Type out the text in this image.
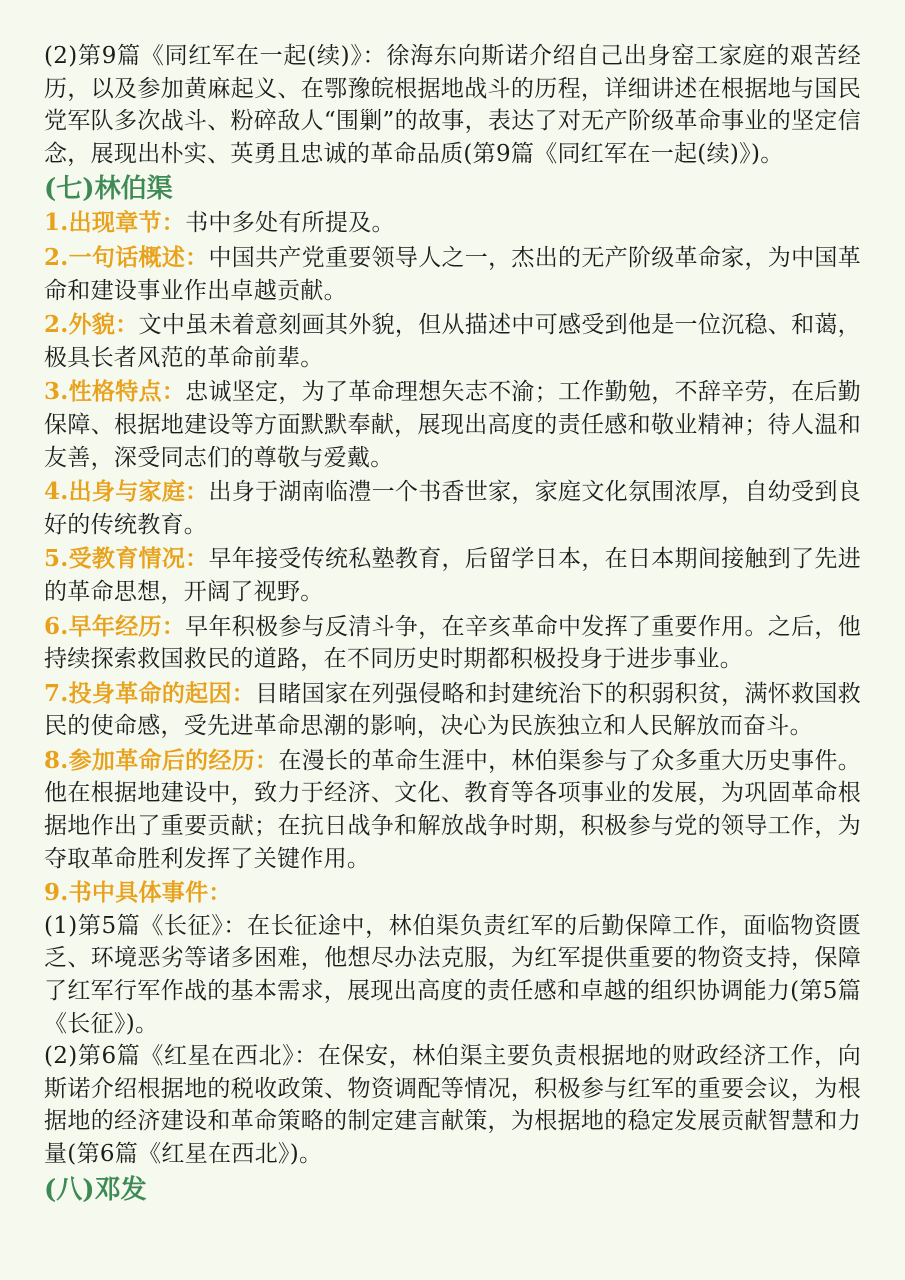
(2)第9篇《同红军在一起(续)》：徐海东向斯诺介绍自己出身窑工家庭的艰苦经历，以及参加黄麻起义、在鄂豫皖根据地战斗的历程，详细讲述在根据地与国民党军队多次战斗、粉碎敌人“围剿”的故事，表达了对无产阶级革命事业的坚定信念，展现出朴实、英勇且忠诚的革命品质(第9篇《同红军在一起(续)》)。

(七)林伯渠

1.出现章节：书中多处有所提及。

2.一句话概述：中国共产党重要领导人之一，杰出的无产阶级革命家，为中国革命和建设事业作出卓越贡献。

2.外貌：文中虽未着意刻画其外貌，但从描述中可感受到他是一位沉稳、和蔼，极具长者风范的革命前辈。

3.性格特点：忠诚坚定，为了革命理想矢志不渝；工作勤勉，不辞辛劳，在后勤保障、根据地建设等方面默默奉献，展现出高度的责任感和敬业精神；待人温和友善，深受同志们的尊敬与爱戴。

4.出身与家庭：出身于湖南临澧一个书香世家，家庭文化氛围浓厚，自幼受到良好的传统教育。

5.受教育情况：早年接受传统私塾教育，后留学日本，在日本期间接触到了先进的革命思想，开阔了视野。

6.早年经历：早年积极参与反清斗争，在辛亥革命中发挥了重要作用。之后，他持续探索救国救民的道路，在不同历史时期都积极投身于进步事业。

7.投身革命的起因：目睹国家在列强侵略和封建统治下的积弱积贫，满怀救国救民的使命感，受先进革命思潮的影响，决心为民族独立和人民解放而奋斗。

8.参加革命后的经历：在漫长的革命生涯中，林伯渠参与了众多重大历史事件。他在根据地建设中，致力于经济、文化、教育等各项事业的发展，为巩固革命根据地作出了重要贡献；在抗日战争和解放战争时期，积极参与党的领导工作，为夺取革命胜利发挥了关键作用。

9.书中具体事件：

(1)第5篇《长征》：在长征途中，林伯渠负责红军的后勤保障工作，面临物资匮乏、环境恶劣等诸多困难，他想尽办法克服，为红军提供重要的物资支持，保障了红军行军作战的基本需求，展现出高度的责任感和卓越的组织协调能力(第5篇《长征》)。

(2)第6篇《红星在西北》：在保安，林伯渠主要负责根据地的财政经济工作，向斯诺介绍根据地的税收政策、物资调配等情况，积极参与红军的重要会议，为根据地的经济建设和革命策略的制定建言献策，为根据地的稳定发展贡献智慧和力量(第6篇《红星在西北》)。

(八)邓发
